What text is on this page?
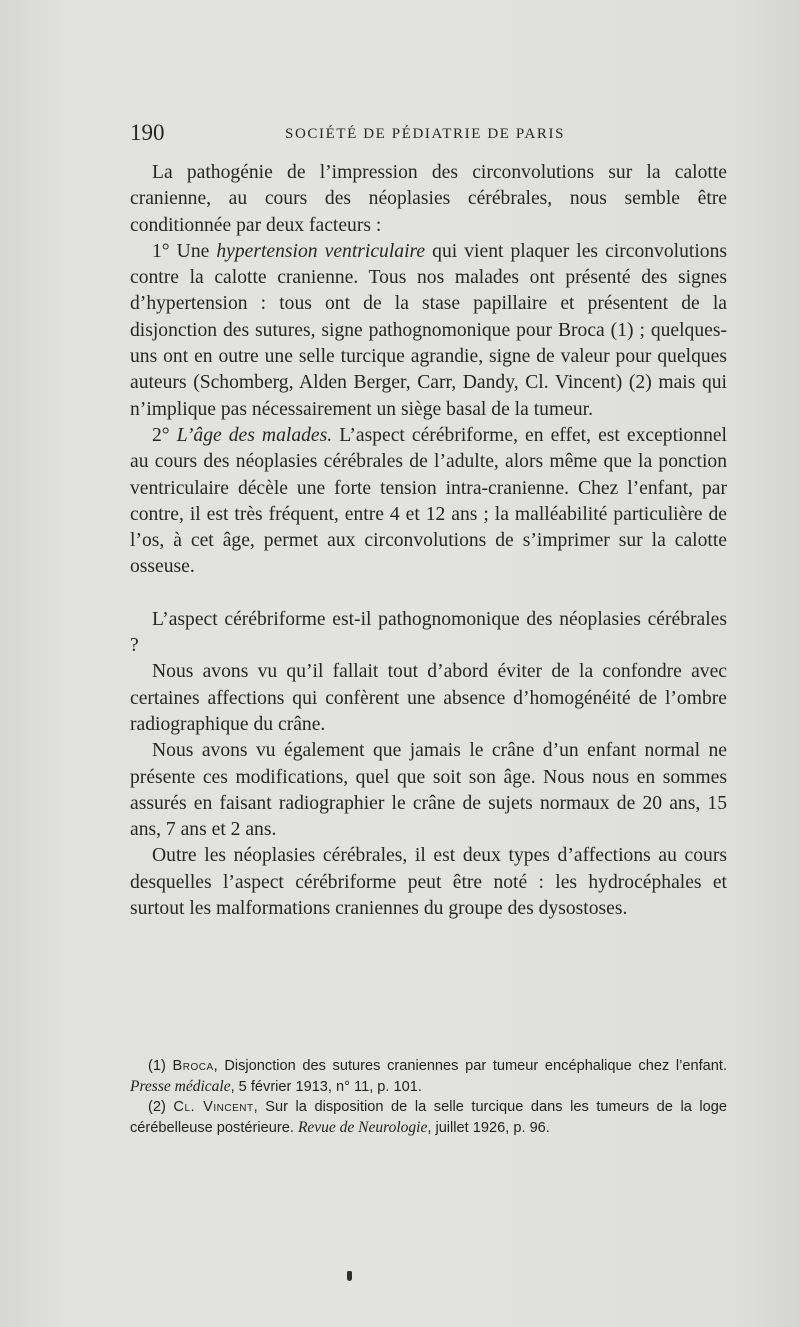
190	SOCIÉTÉ DE PÉDIATRIE DE PARIS

La pathogénie de l’impression des circonvolutions sur la calotte cranienne, au cours des néoplasies cérébrales, nous semble être conditionnée par deux facteurs :

1° Une hypertension ventriculaire qui vient plaquer les circonvolutions contre la calotte cranienne. Tous nos malades ont présenté des signes d’hypertension : tous ont de la stase papillaire et présentent de la disjonction des sutures, signe pathognomonique pour Broca (1) ; quelques-uns ont en outre une selle turcique agrandie, signe de valeur pour quelques auteurs (Schomberg, Alden Berger, Carr, Dandy, Cl. Vincent) (2) mais qui n’implique pas nécessairement un siège basal de la tumeur.

2° L’âge des malades. L’aspect cérébriforme, en effet, est exceptionnel au cours des néoplasies cérébrales de l’adulte, alors même que la ponction ventriculaire décèle une forte tension intra-cranienne. Chez l’enfant, par contre, il est très fréquent, entre 4 et 12 ans ; la malléabilité particulière de l’os, à cet âge, permet aux circonvolutions de s’imprimer sur la calotte osseuse.

L’aspect cérébriforme est-il pathognomonique des néoplasies cérébrales ?

Nous avons vu qu’il fallait tout d’abord éviter de la confondre avec certaines affections qui confèrent une absence d’homogénéité de l’ombre radiographique du crâne.

Nous avons vu également que jamais le crâne d’un enfant normal ne présente ces modifications, quel que soit son âge. Nous nous en sommes assurés en faisant radiographier le crâne de sujets normaux de 20 ans, 15 ans, 7 ans et 2 ans.

Outre les néoplasies cérébrales, il est deux types d’affections au cours desquelles l’aspect cérébriforme peut être noté : les hydrocéphales et surtout les malformations craniennes du groupe des dysostoses.

(1) Broca, Disjonction des sutures craniennes par tumeur encéphalique chez l’enfant. Presse médicale, 5 février 1913, n° 11, p. 101.

(2) Cl. Vincent, Sur la disposition de la selle turcique dans les tumeurs de la loge cérébelleuse postérieure. Revue de Neurologie, juillet 1926, p. 96.
